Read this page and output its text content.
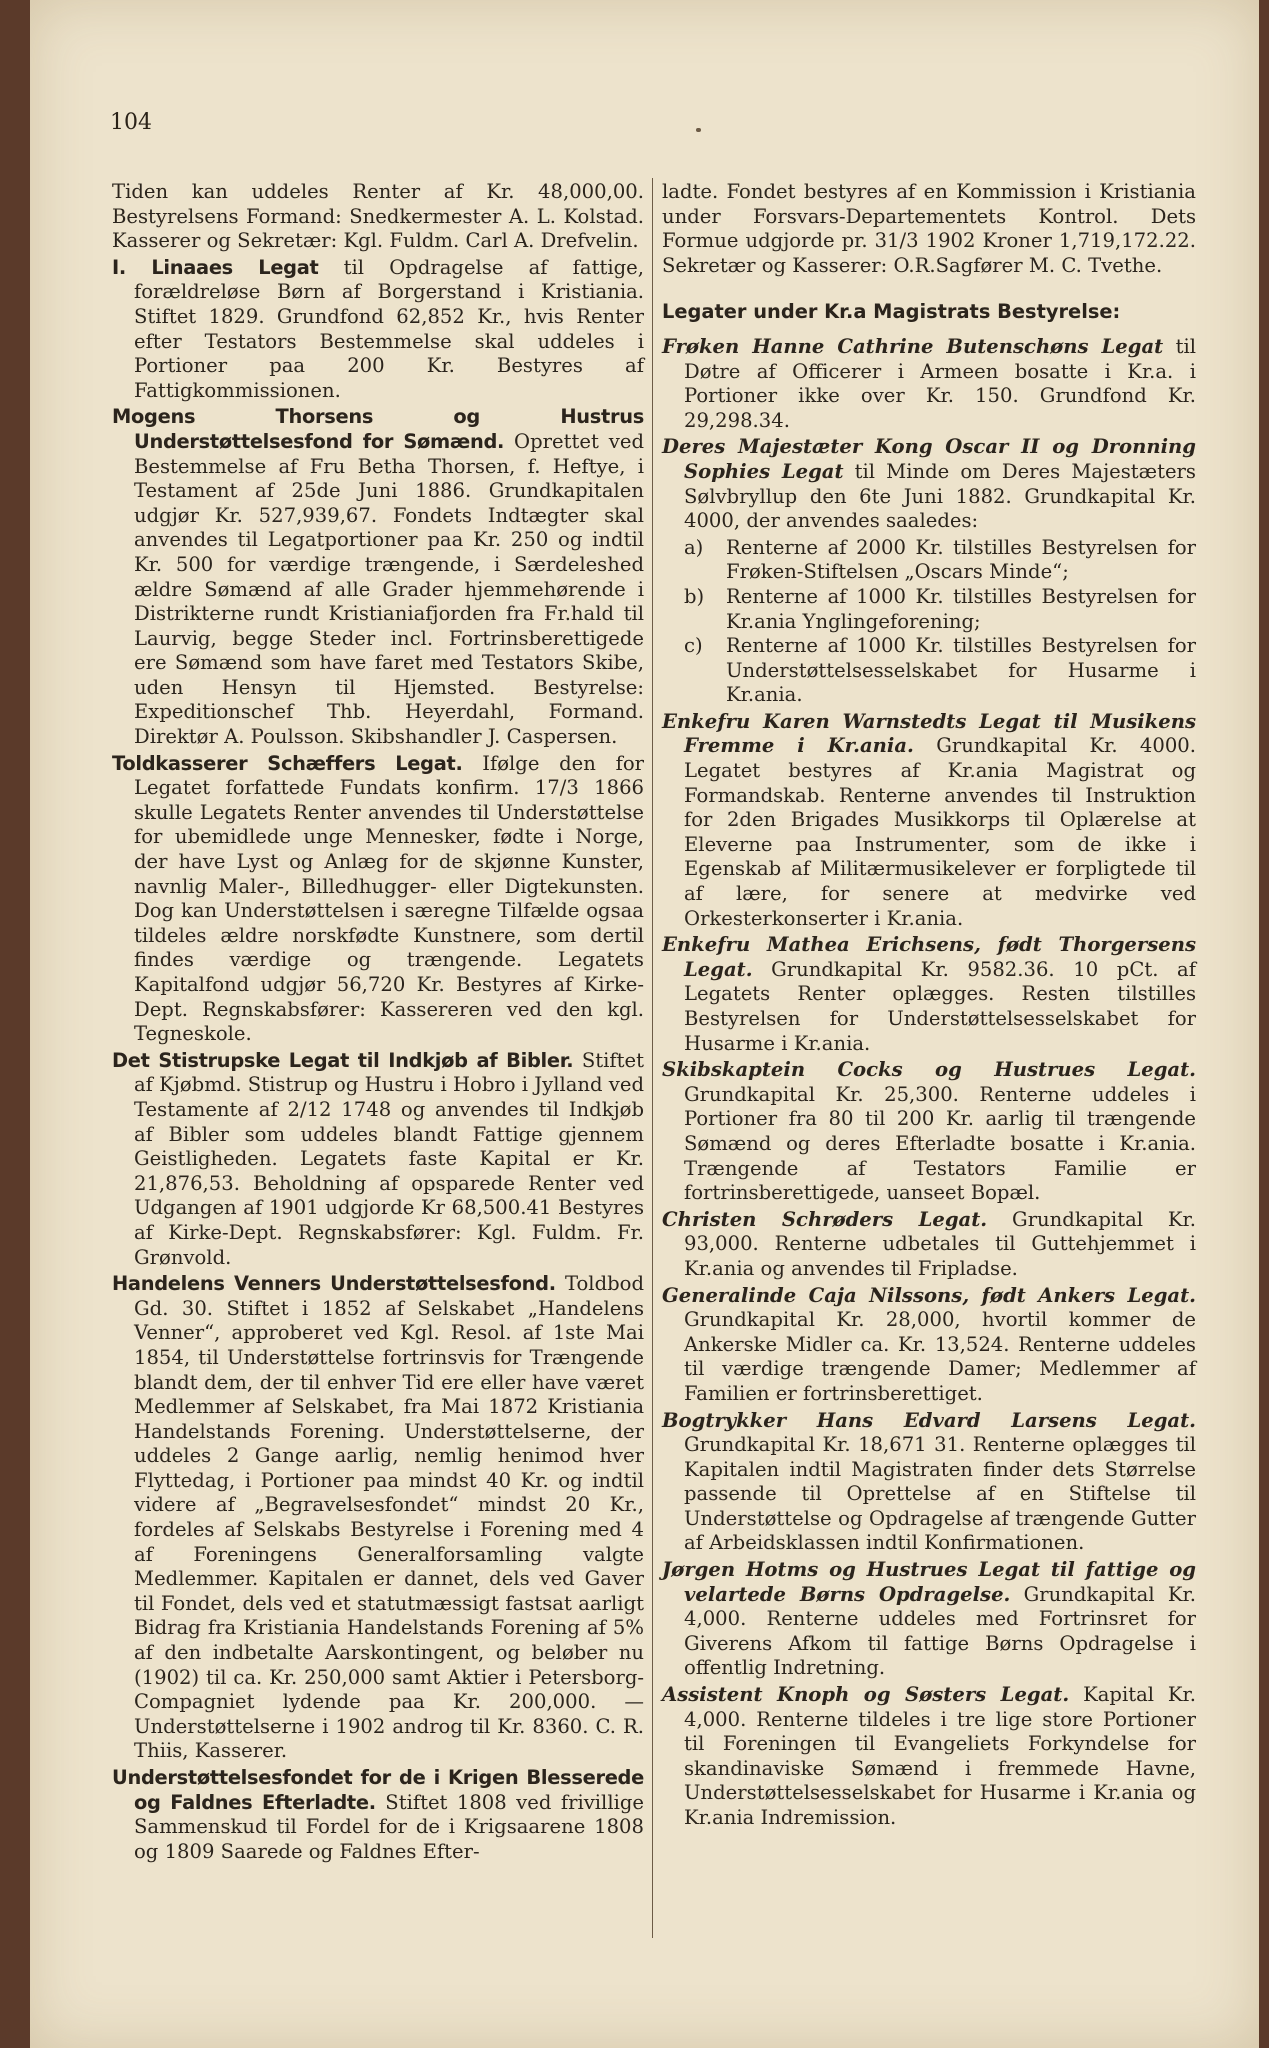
104

Tiden kan uddeles Renter af Kr. 48,000,00. Bestyrelsens Formand: Snedkermester A. L. Kolstad. Kasserer og Sekretær: Kgl. Fuldm. Carl A. Drefvelin.

I. Linaaes Legat til Opdragelse af fattige, forældreløse Børn af Borgerstand i Kristiania. Stiftet 1829. Grundfond 62,852 Kr., hvis Renter efter Testators Bestemmelse skal uddeles i Portioner paa 200 Kr. Bestyres af Fattigkommissionen.

Mogens Thorsens og Hustrus Understøttelsesfond for Sømænd. Oprettet ved Bestemmelse af Fru Betha Thorsen, f. Heftye, i Testament af 25de Juni 1886. Grundkapitalen udgjør Kr. 527,939,67. Fondets Indtægter skal anvendes til Legatportioner paa Kr. 250 og indtil Kr. 500 for værdige trængende, i Særdeleshed ældre Sømænd af alle Grader hjemmehørende i Distrikterne rundt Kristianiafjorden fra Fr.hald til Laurvig, begge Steder incl. Fortrinsberettigede ere Sømænd som have faret med Testators Skibe, uden Hensyn til Hjemsted. Bestyrelse: Expeditionschef Thb. Heyerdahl, Formand. Direktør A. Poulsson. Skibshandler J. Caspersen.

Toldkasserer Schæffers Legat. Ifølge den for Legatet forfattede Fundats konfirm. 17/3 1866 skulle Legatets Renter anvendes til Understøttelse for ubemidlede unge Mennesker, fødte i Norge, der have Lyst og Anlæg for de skjønne Kunster, navnlig Maler-, Billedhugger- eller Digtekunsten. Dog kan Understøttelsen i særegne Tilfælde ogsaa tildeles ældre norskfødte Kunstnere, som dertil findes værdige og trængende. Legatets Kapitalfond udgjør 56,720 Kr. Bestyres af Kirke-Dept. Regnskabsfører: Kassereren ved den kgl. Tegneskole.

Det Stistrupske Legat til Indkjøb af Bibler. Stiftet af Kjøbmd. Stistrup og Hustru i Hobro i Jylland ved Testamente af 2/12 1748 og anvendes til Indkjøb af Bibler som uddeles blandt Fattige gjennem Geistligheden. Legatets faste Kapital er Kr. 21,876,53. Beholdning af opsparede Renter ved Udgangen af 1901 udgjorde Kr 68,500.41 Bestyres af Kirke-Dept. Regnskabsfører: Kgl. Fuldm. Fr. Grønvold.

Handelens Venners Understøttelsesfond. Toldbod Gd. 30. Stiftet i 1852 af Selskabet „Handelens Venner“, approberet ved Kgl. Resol. af 1ste Mai 1854, til Understøttelse fortrinsvis for Trængende blandt dem, der til enhver Tid ere eller have været Medlemmer af Selskabet, fra Mai 1872 Kristiania Handelstands Forening. Understøttelserne, der uddeles 2 Gange aarlig, nemlig henimod hver Flyttedag, i Portioner paa mindst 40 Kr. og indtil videre af „Begravelsesfondet“ mindst 20 Kr., fordeles af Selskabs Bestyrelse i Forening med 4 af Foreningens Generalforsamling valgte Medlemmer. Kapitalen er dannet, dels ved Gaver til Fondet, dels ved et statutmæssigt fastsat aarligt Bidrag fra Kristiania Handelstands Forening af 5% af den indbetalte Aarskontingent, og beløber nu (1902) til ca. Kr. 250,000 samt Aktier i Petersborg-Compagniet lydende paa Kr. 200,000. — Understøttelserne i 1902 androg til Kr. 8360. C. R. Thiis, Kasserer.

Understøttelsesfondet for de i Krigen Blesserede og Faldnes Efterladte. Stiftet 1808 ved frivillige Sammenskud til Fordel for de i Krigsaarene 1808 og 1809 Saarede og Faldnes Efter-

ladte. Fondet bestyres af en Kommission i Kristiania under Forsvars-Departementets Kontrol. Dets Formue udgjorde pr. 31/3 1902 Kroner 1,719,172.22. Sekretær og Kasserer: O.R.Sagfører M. C. Tvethe.

Legater under Kr.a Magistrats Bestyrelse:

Frøken Hanne Cathrine Butenschøns Legat til Døtre af Officerer i Armeen bosatte i Kr.a. i Portioner ikke over Kr. 150. Grundfond Kr. 29,298.34.

Deres Majestæter Kong Oscar II og Dronning Sophies Legat til Minde om Deres Majestæters Sølvbryllup den 6te Juni 1882. Grundkapital Kr. 4000, der anvendes saaledes:

a) Renterne af 2000 Kr. tilstilles Bestyrelsen for Frøken-Stiftelsen „Oscars Minde“;
b) Renterne af 1000 Kr. tilstilles Bestyrelsen for Kr.ania Ynglingeforening;
c) Renterne af 1000 Kr. tilstilles Bestyrelsen for Understøttelsesselskabet for Husarme i Kr.ania.

Enkefru Karen Warnstedts Legat til Musikens Fremme i Kr.ania. Grundkapital Kr. 4000. Legatet bestyres af Kr.ania Magistrat og Formandskab. Renterne anvendes til Instruktion for 2den Brigades Musikkorps til Oplærelse at Eleverne paa Instrumenter, som de ikke i Egenskab af Militærmusikelever er forpligtede til af lære, for senere at medvirke ved Orkesterkonserter i Kr.ania.

Enkefru Mathea Erichsens, født Thorgersens Legat. Grundkapital Kr. 9582.36. 10 pCt. af Legatets Renter oplægges. Resten tilstilles Bestyrelsen for Understøttelsesselskabet for Husarme i Kr.ania.

Skibskaptein Cocks og Hustrues Legat. Grundkapital Kr. 25,300. Renterne uddeles i Portioner fra 80 til 200 Kr. aarlig til trængende Sømænd og deres Efterladte bosatte i Kr.ania. Trængende af Testators Familie er fortrinsberettigede, uanseet Bopæl.

Christen Schrøders Legat. Grundkapital Kr. 93,000. Renterne udbetales til Guttehjemmet i Kr.ania og anvendes til Fripladse.

Generalinde Caja Nilssons, født Ankers Legat. Grundkapital Kr. 28,000, hvortil kommer de Ankerske Midler ca. Kr. 13,524. Renterne uddeles til værdige trængende Damer; Medlemmer af Familien er fortrinsberettiget.

Bogtrykker Hans Edvard Larsens Legat. Grundkapital Kr. 18,671 31. Renterne oplægges til Kapitalen indtil Magistraten finder dets Størrelse passende til Oprettelse af en Stiftelse til Understøttelse og Opdragelse af trængende Gutter af Arbeidsklassen indtil Konfirmationen.

Jørgen Hotms og Hustrues Legat til fattige og velartede Børns Opdragelse. Grundkapital Kr. 4,000. Renterne uddeles med Fortrinsret for Giverens Afkom til fattige Børns Opdragelse i offentlig Indretning.

Assistent Knoph og Søsters Legat. Kapital Kr. 4,000. Renterne tildeles i tre lige store Portioner til Foreningen til Evangeliets Forkyndelse for skandinaviske Sømænd i fremmede Havne, Understøttelsesselskabet for Husarme i Kr.ania og Kr.ania Indremission.
